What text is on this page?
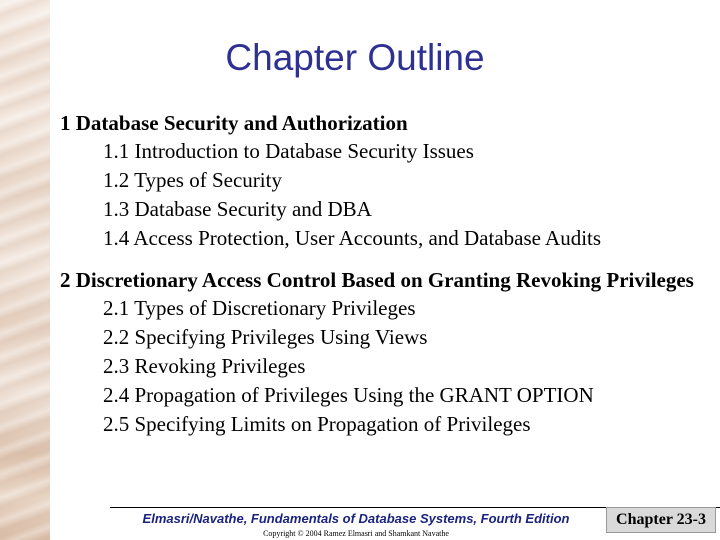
Chapter Outline
1 Database Security and Authorization
1.1 Introduction to Database Security Issues
1.2 Types of Security
1.3 Database Security and DBA
1.4 Access Protection, User Accounts, and Database Audits
2 Discretionary Access Control Based on Granting Revoking Privileges
2.1 Types of Discretionary Privileges
2.2 Specifying Privileges Using Views
2.3 Revoking Privileges
2.4 Propagation of Privileges Using the GRANT OPTION
2.5 Specifying Limits on Propagation of Privileges
Elmasri/Navathe, Fundamentals of Database Systems, Fourth Edition
Copyright © 2004 Ramez Elmasri and Shamkant Navathe
Chapter 23-3
